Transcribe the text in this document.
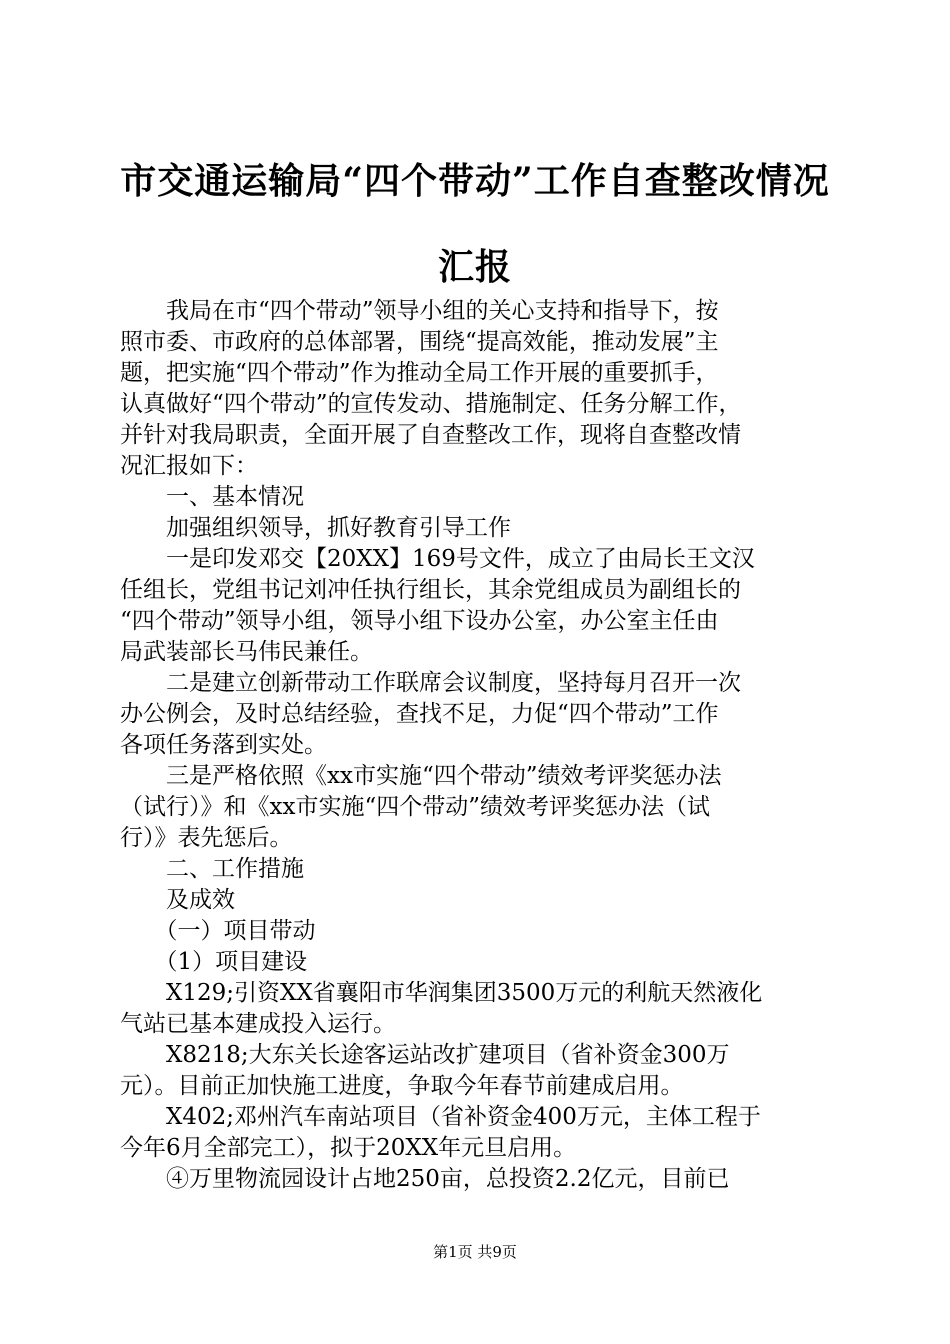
市交通运输局“四个带动”工作自查整改情况
汇报
　　我局在市“四个带动”领导小组的关心支持和指导下，按
照市委、市政府的总体部署，围绕“提高效能，推动发展”主
题，把实施“四个带动”作为推动全局工作开展的重要抓手，
认真做好“四个带动”的宣传发动、措施制定、任务分解工作，
并针对我局职责，全面开展了自查整改工作，现将自查整改情
况汇报如下：
　　一、基本情况
　　加强组织领导，抓好教育引导工作
　　一是印发邓交【20XX】169号文件，成立了由局长王文汉
任组长，党组书记刘冲任执行组长，其余党组成员为副组长的
“四个带动”领导小组，领导小组下设办公室，办公室主任由
局武装部长马伟民兼任。
　　二是建立创新带动工作联席会议制度，坚持每月召开一次
办公例会，及时总结经验，查找不足，力促“四个带动”工作
各项任务落到实处。
　　三是严格依照《xx市实施“四个带动”绩效考评奖惩办法
（试行）》和《xx市实施“四个带动”绩效考评奖惩办法（试
行）》表先惩后。
　　二、工作措施
　　及成效
　　（一）项目带动
　　（1）项目建设
　　X129;引资XX省襄阳市华润集团3500万元的利航天然液化
气站已基本建成投入运行。
　　X8218;大东关长途客运站改扩建项目（省补资金300万
元）。目前正加快施工进度，争取今年春节前建成启用。
　　X402;邓州汽车南站项目（省补资金400万元，主体工程于
今年6月全部完工），拟于20XX年元旦启用。
　　④万里物流园设计占地250亩，总投资2.2亿元，目前已
第1页 共9页
